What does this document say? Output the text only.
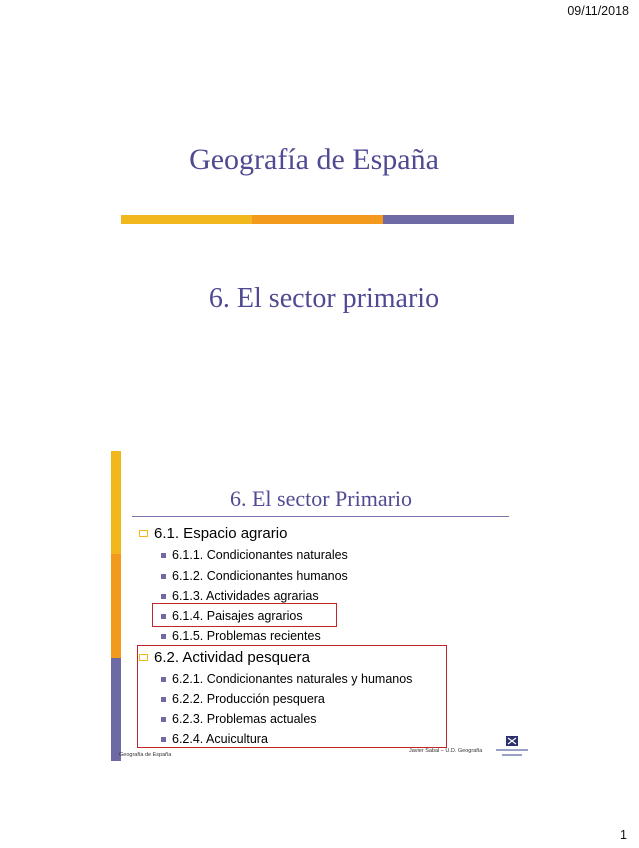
09/11/2018
Geografía de España
6. El sector primario
6. El sector Primario
6.1. Espacio agrario
6.1.1. Condicionantes naturales
6.1.2. Condicionantes humanos
6.1.3. Actividades agrarias
6.1.4. Paisajes agrarios
6.1.5. Problemas recientes
6.2. Actividad pesquera
6.2.1. Condicionantes naturales y humanos
6.2.2. Producción pesquera
6.2.3. Problemas actuales
6.2.4. Acuicultura
Geografía de España
Javier Sabal – U.D. Geografía
1
